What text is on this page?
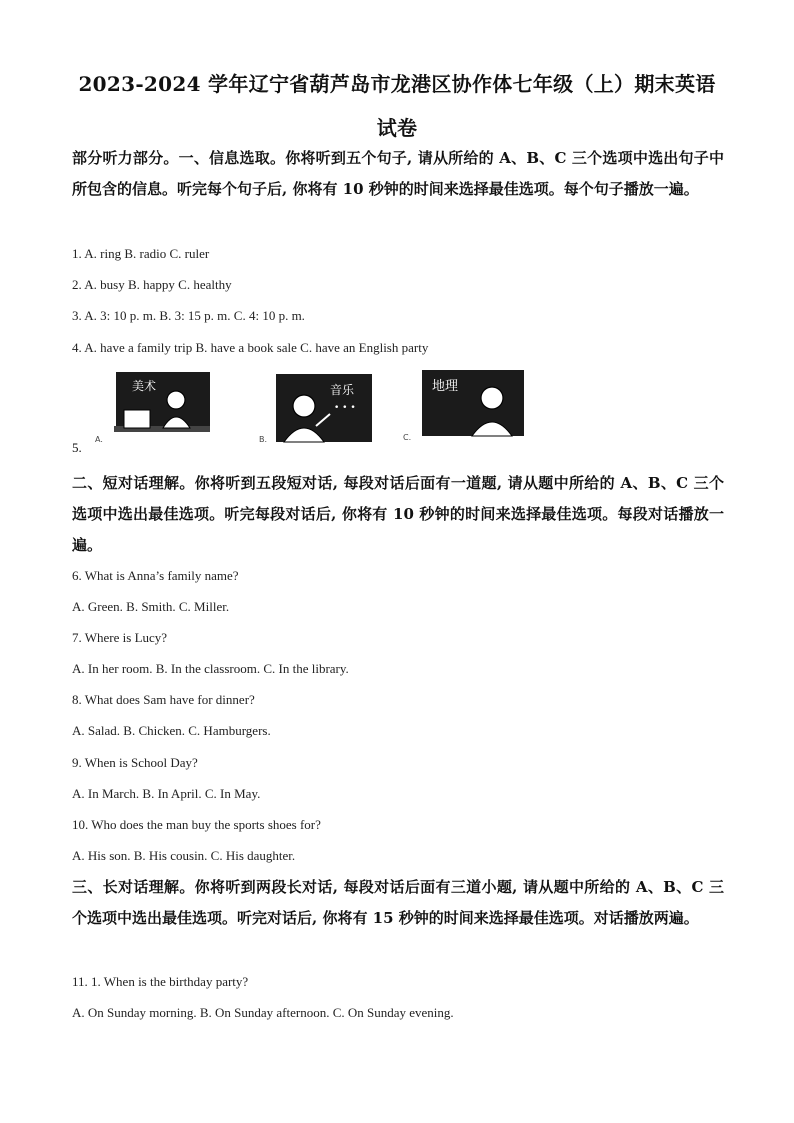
2023-2024 学年辽宁省葫芦岛市龙港区协作体七年级（上）期末英语
试卷
部分听力部分。一、信息选取。你将听到五个句子, 请从所给的 A、B、C 三个选项中选出句子中所包含的信息。听完每个句子后, 你将有 10 秒钟的时间来选择最佳选项。每个句子播放一遍。
1. A. ring B. radio C. ruler
2. A. busy B. happy C. healthy
3. A. 3: 10 p. m. B. 3: 15 p. m. C. 4: 10 p. m.
4. A. have a family trip B. have a book sale C. have an English party
5.
美术
A.
音乐
• • •
B.
地理
C.
二、短对话理解。你将听到五段短对话, 每段对话后面有一道题, 请从题中所给的 A、B、C 三个选项中选出最佳选项。听完每段对话后, 你将有 10 秒钟的时间来选择最佳选项。每段对话播放一遍。
6. What is Anna’s family name?
A. Green. B. Smith. C. Miller.
7. Where is Lucy?
A. In her room. B. In the classroom. C. In the library.
8. What does Sam have for dinner?
A. Salad. B. Chicken. C. Hamburgers.
9. When is School Day?
A. In March. B. In April. C. In May.
10. Who does the man buy the sports shoes for?
A. His son. B. His cousin. C. His daughter.
三、长对话理解。你将听到两段长对话, 每段对话后面有三道小题, 请从题中所给的 A、B、C 三个选项中选出最佳选项。听完对话后, 你将有 15 秒钟的时间来选择最佳选项。对话播放两遍。
11. 1. When is the birthday party?
A. On Sunday morning. B. On Sunday afternoon. C. On Sunday evening.
